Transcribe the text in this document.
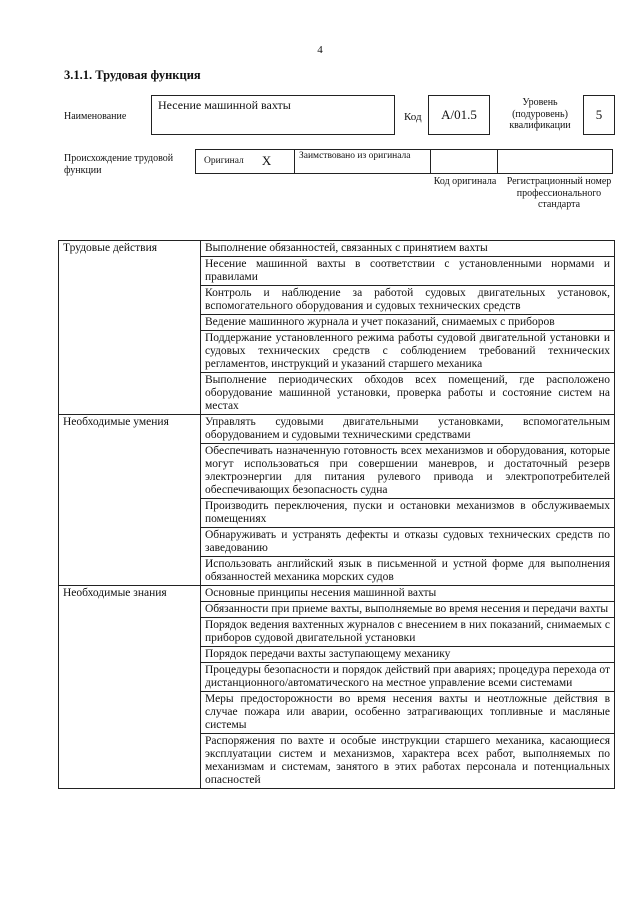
4
3.1.1. Трудовая функция
Наименование
Несение машинной вахты
Код	A/01.5
Уровень (подуровень) квалификации
5
Происхождение трудовой функции
Оригинал X	Заимствовано из оригинала
Код оригинала	Регистрационный номер профессионального стандарта
Трудовые действия	Выполнение обязанностей, связанных с принятием вахты
	Несение машинной вахты в соответствии с установленными нормами и правилами
	Контроль и наблюдение за работой судовых двигательных установок, вспомогательного оборудования и судовых технических средств
	Ведение машинного журнала и учет показаний, снимаемых с приборов
	Поддержание установленного режима работы судовой двигательной установки и судовых технических средств с соблюдением требований технических регламентов, инструкций и указаний старшего механика
	Выполнение периодических обходов всех помещений, где расположено оборудование машинной установки, проверка работы и состояние систем на местах
Необходимые умения	Управлять судовыми двигательными установками, вспомогательным оборудованием и судовыми техническими средствами
	Обеспечивать назначенную готовность всех механизмов и оборудования, которые могут использоваться при совершении маневров, и достаточный резерв электроэнергии для питания рулевого привода и электропотребителей обеспечивающих безопасность судна
	Производить переключения, пуски и остановки механизмов в обслуживаемых помещениях
	Обнаруживать и устранять дефекты и отказы судовых технических средств по заведованию
	Использовать английский язык в письменной и устной форме для выполнения обязанностей механика морских судов
Необходимые знания	Основные принципы несения машинной вахты
	Обязанности при приеме вахты, выполняемые во время несения и передачи вахты
	Порядок ведения вахтенных журналов с внесением в них показаний, снимаемых с приборов судовой двигательной установки
	Порядок передачи вахты заступающему механику
	Процедуры безопасности и порядок действий при авариях; процедура перехода от дистанционного/автоматического на местное управление всеми системами
	Меры предосторожности во время несения вахты и неотложные действия в случае пожара или аварии, особенно затрагивающих топливные и масляные системы
	Распоряжения по вахте и особые инструкции старшего механика, касающиеся эксплуатации систем и механизмов, характера всех работ, выполняемых по механизмам и системам, занятого в этих работах персонала и потенциальных опасностей
